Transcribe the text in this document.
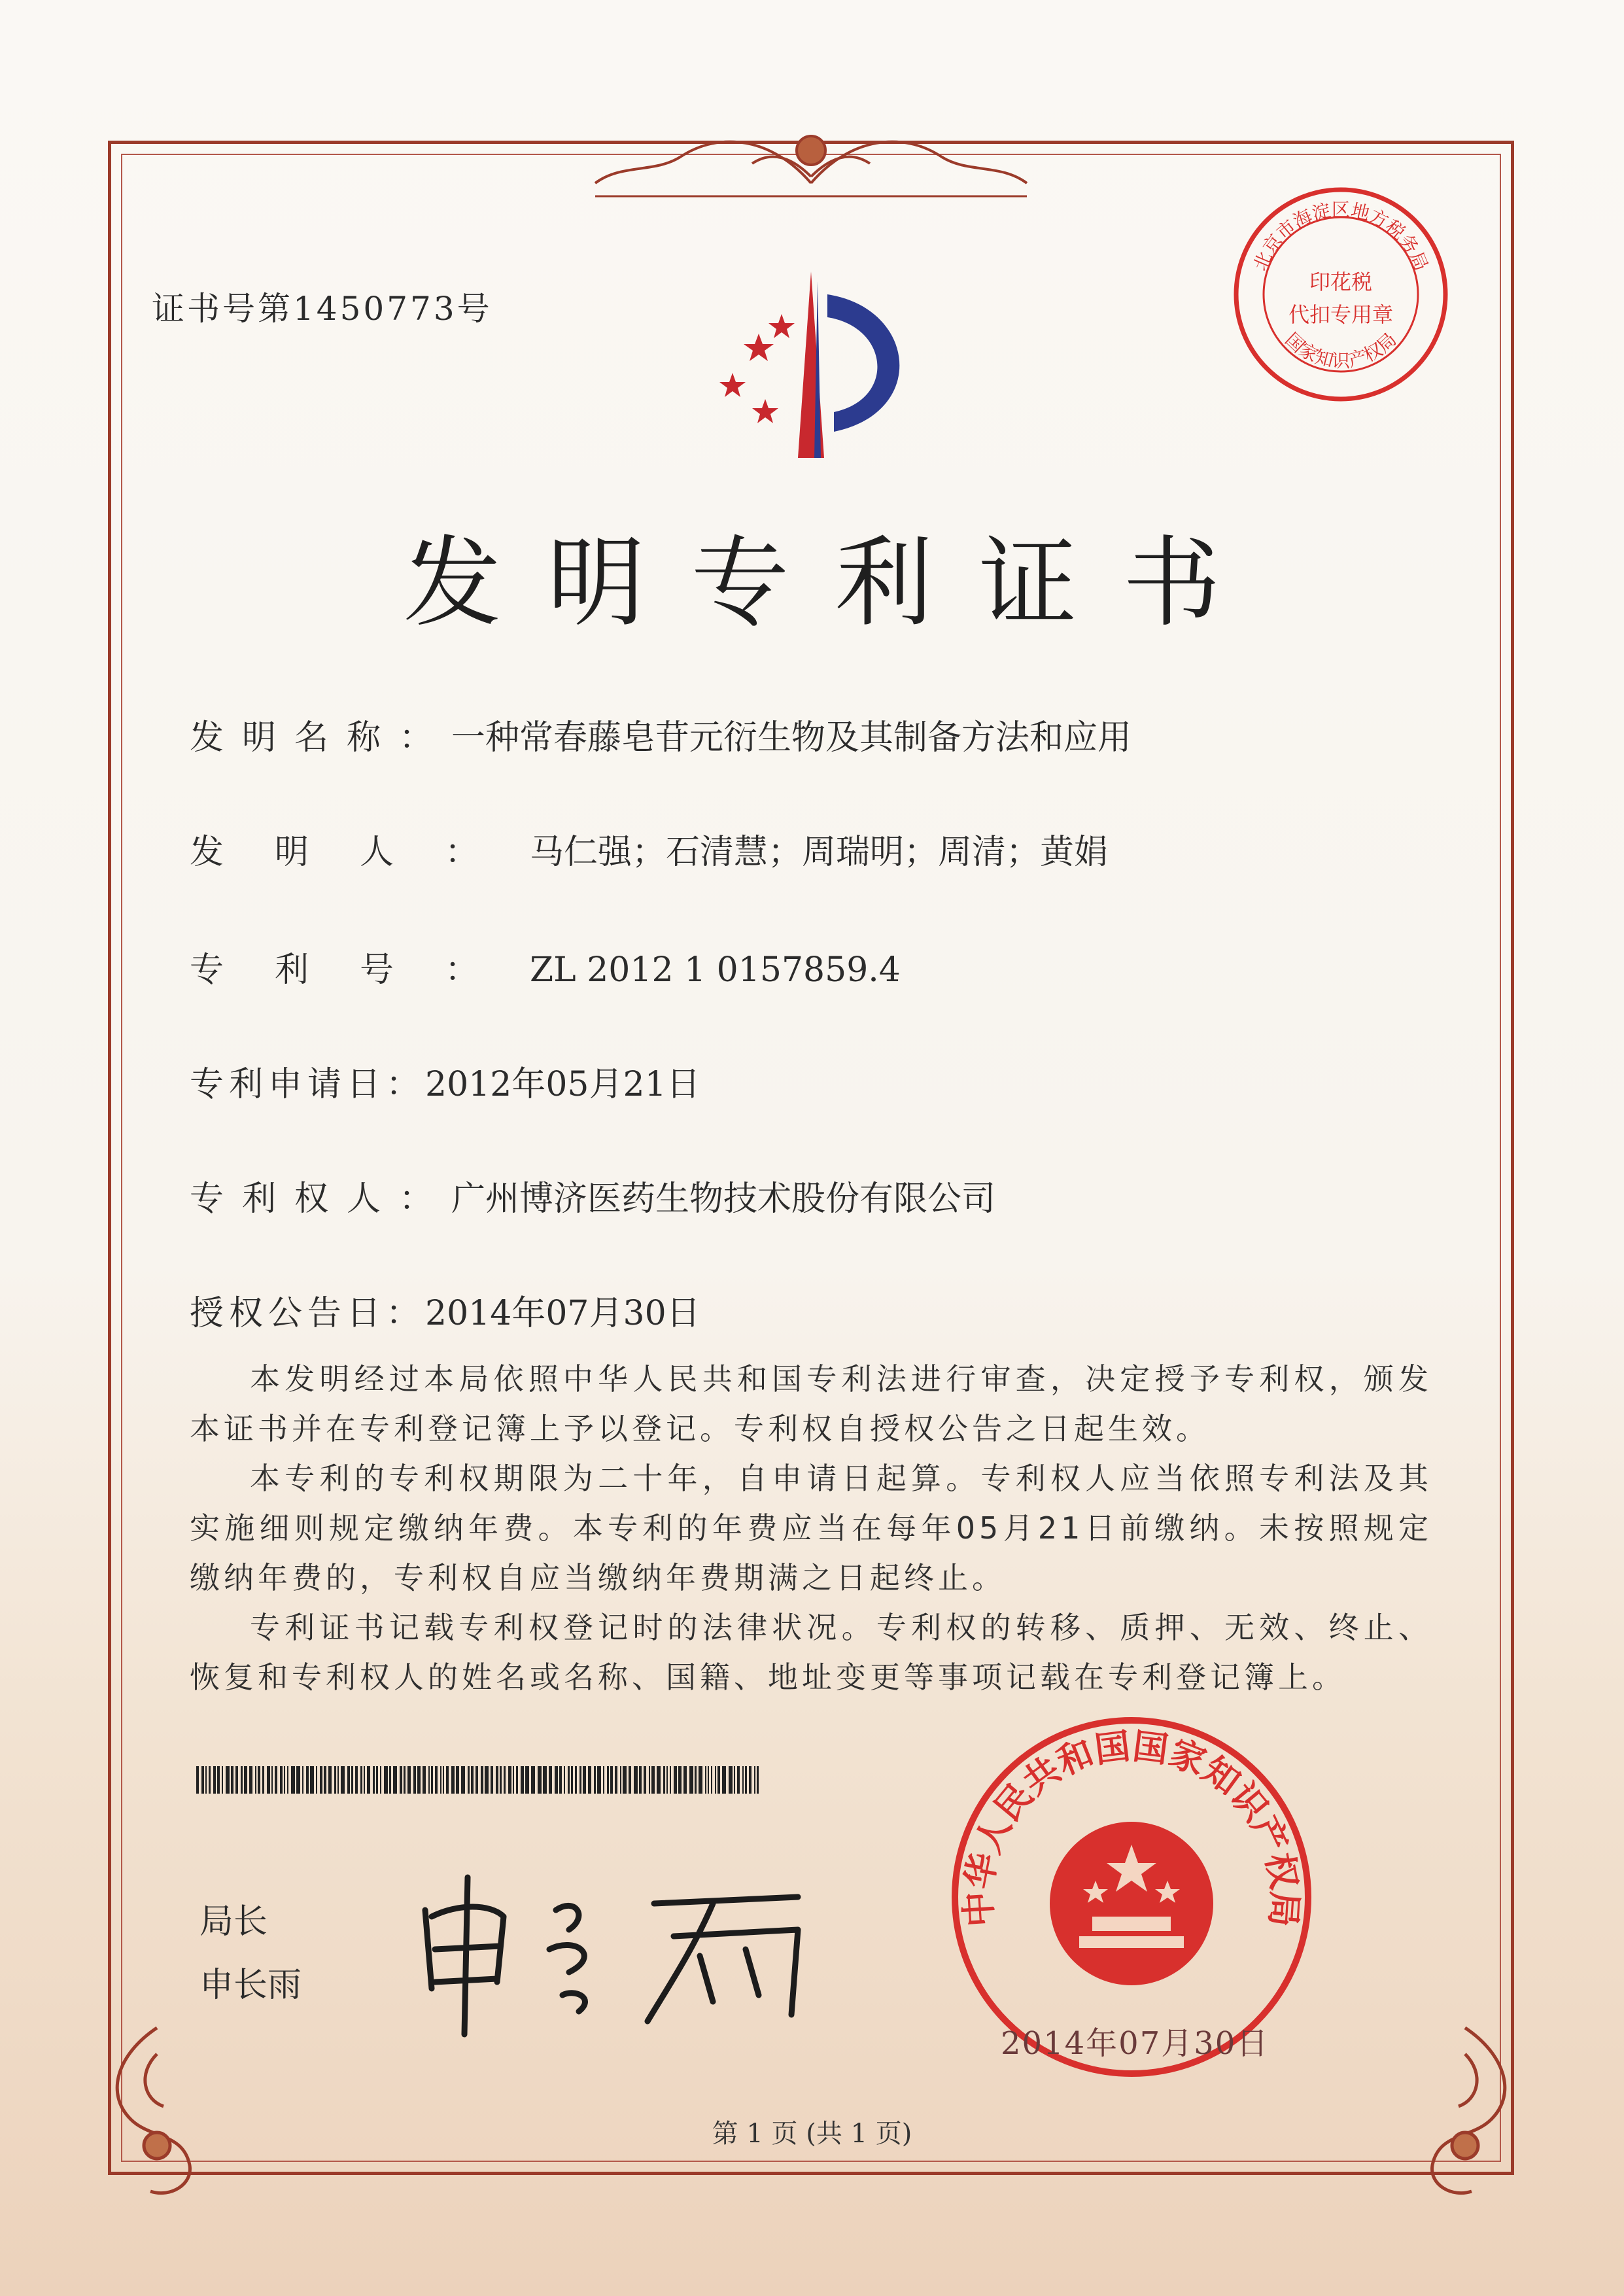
证书号第1450773号
北京市海淀区地方税务局
国家知识产权局
印花税
代扣专用章
发明专利证书
发明名称：一种常春藤皂苷元衍生物及其制备方法和应用
发明人：马仁强；石清慧；周瑞明；周清；黄娟
专利号：ZL 2012 1 0157859.4
专利申请日：2012年05月21日
专利权人：广州博济医药生物技术股份有限公司
授权公告日：2014年07月30日

本发明经过本局依照中华人民共和国专利法进行审查，决定授予专利权，颁发本证书并在专利登记簿上予以登记。专利权自授权公告之日起生效。

本专利的专利权期限为二十年，自申请日起算。专利权人应当依照专利法及其实施细则规定缴纳年费。本专利的年费应当在每年05月21日前缴纳。未按照规定缴纳年费的，专利权自应当缴纳年费期满之日起终止。

专利证书记载专利权登记时的法律状况。专利权的转移、质押、无效、终止、恢复和专利权人的姓名或名称、国籍、地址变更等事项记载在专利登记簿上。

局长
申长雨
中华人民共和国国家知识产权局
2014年07月30日
第 1 页 (共 1 页)
